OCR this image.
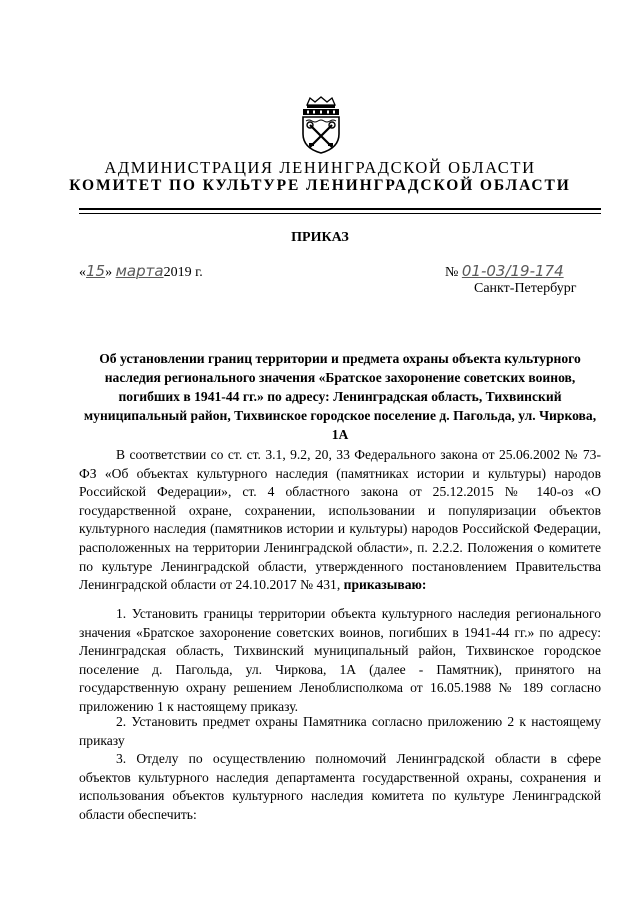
АДМИНИСТРАЦИЯ ЛЕНИНГРАДСКОЙ ОБЛАСТИ
КОМИТЕТ ПО КУЛЬТУРЕ ЛЕНИНГРАДСКОЙ ОБЛАСТИ
ПРИКАЗ
«15» марта2019 г.	№ 01-03/19-174
Санкт-Петербург
Об установлении границ территории и предмета охраны объекта культурного наследия регионального значения «Братское захоронение советских воинов, погибших в 1941-44 гг.» по адресу: Ленинградская область, Тихвинский муниципальный район, Тихвинское городское поселение д. Пагольда, ул. Чиркова, 1А
В соответствии со ст. ст. 3.1, 9.2, 20, 33 Федерального закона от 25.06.2002 № 73-ФЗ «Об объектах культурного наследия (памятниках истории и культуры) народов Российской Федерации», ст. 4 областного закона от 25.12.2015 № 140-оз «О государственной охране, сохранении, использовании и популяризации объектов культурного наследия (памятников истории и культуры) народов Российской Федерации, расположенных на территории Ленинградской области», п. 2.2.2. Положения о комитете по культуре Ленинградской области, утвержденного постановлением Правительства Ленинградской области от 24.10.2017 № 431, приказываю:
1. Установить границы территории объекта культурного наследия регионального значения «Братское захоронение советских воинов, погибших в 1941-44 гг.» по адресу: Ленинградская область, Тихвинский муниципальный район, Тихвинское городское поселение д. Пагольда, ул. Чиркова, 1А (далее - Памятник), принятого на государственную охрану решением Леноблисполкома от 16.05.1988 № 189 согласно приложению 1 к настоящему приказу.
2. Установить предмет охраны Памятника согласно приложению 2 к настоящему приказу
3. Отделу по осуществлению полномочий Ленинградской области в сфере объектов культурного наследия департамента государственной охраны, сохранения и использования объектов культурного наследия комитета по культуре Ленинградской области обеспечить:
